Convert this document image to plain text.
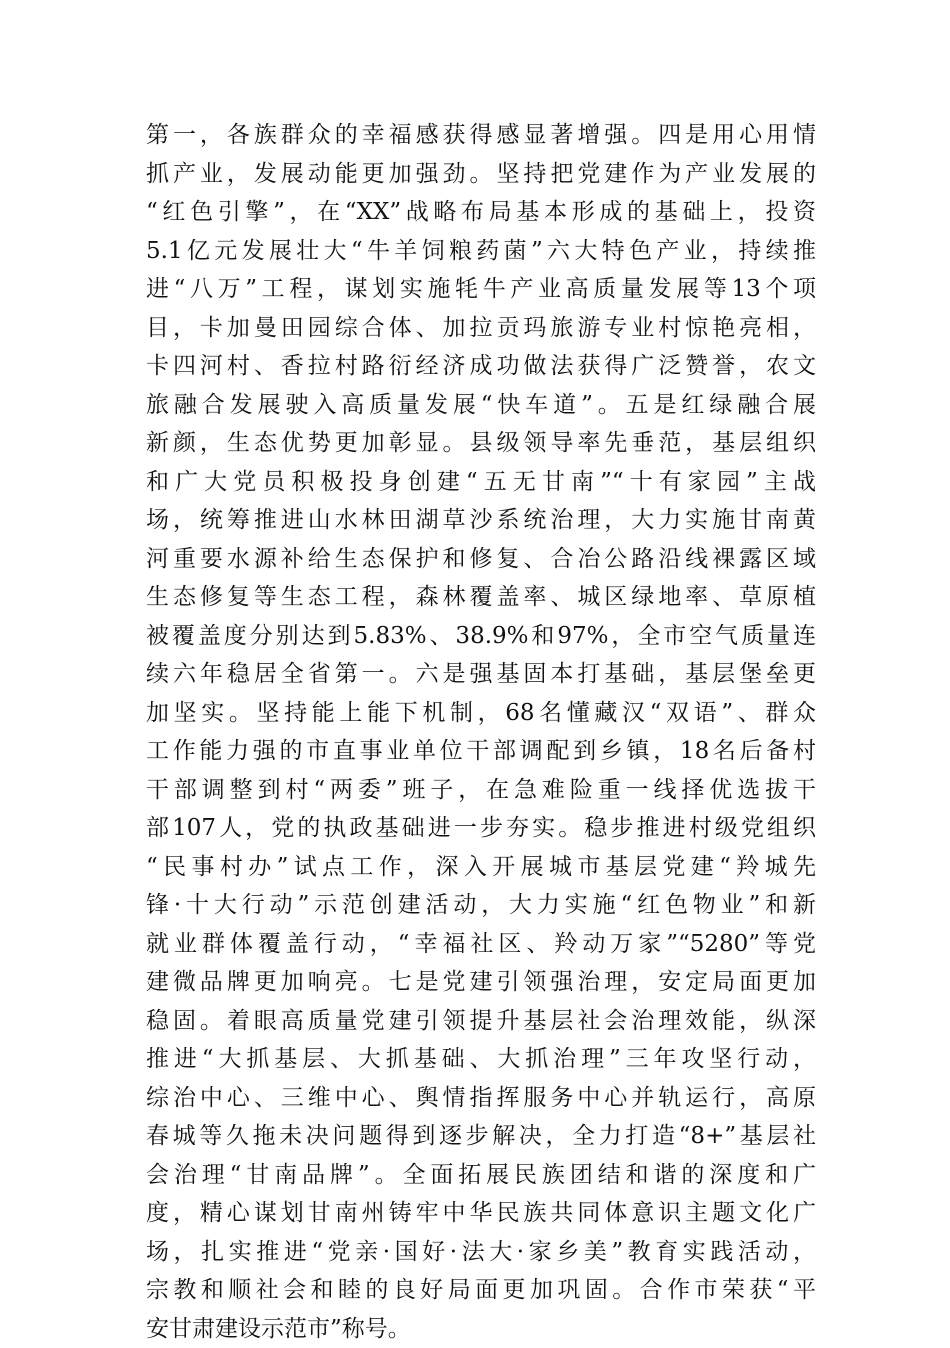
第一，各族群众的幸福感获得感显著增强。四是用心用情
抓产业，发展动能更加强劲。坚持把党建作为产业发展的
“红色引擎”，在“XX”战略布局基本形成的基础上，投资
5.1亿元发展壮大“牛羊饲粮药菌”六大特色产业，持续推
进“八万”工程，谋划实施牦牛产业高质量发展等13个项
目，卡加曼田园综合体、加拉贡玛旅游专业村惊艳亮相，
卡四河村、香拉村路衍经济成功做法获得广泛赞誉，农文
旅融合发展驶入高质量发展“快车道”。五是红绿融合展
新颜，生态优势更加彰显。县级领导率先垂范，基层组织
和广大党员积极投身创建“五无甘南”“十有家园”主战
场，统筹推进山水林田湖草沙系统治理，大力实施甘南黄
河重要水源补给生态保护和修复、合冶公路沿线裸露区域
生态修复等生态工程，森林覆盖率、城区绿地率、草原植
被覆盖度分别达到5.83%、38.9%和97%，全市空气质量连
续六年稳居全省第一。六是强基固本打基础，基层堡垒更
加坚实。坚持能上能下机制，68名懂藏汉“双语”、群众
工作能力强的市直事业单位干部调配到乡镇，18名后备村
干部调整到村“两委”班子，在急难险重一线择优选拔干
部107人，党的执政基础进一步夯实。稳步推进村级党组织
“民事村办”试点工作，深入开展城市基层党建“羚城先
锋·十大行动”示范创建活动，大力实施“红色物业”和新
就业群体覆盖行动，“幸福社区、羚动万家”“5280”等党
建微品牌更加响亮。七是党建引领强治理，安定局面更加
稳固。着眼高质量党建引领提升基层社会治理效能，纵深
推进“大抓基层、大抓基础、大抓治理”三年攻坚行动，
综治中心、三维中心、舆情指挥服务中心并轨运行，高原
春城等久拖未决问题得到逐步解决，全力打造“8+”基层社
会治理“甘南品牌”。全面拓展民族团结和谐的深度和广
度，精心谋划甘南州铸牢中华民族共同体意识主题文化广
场，扎实推进“党亲·国好·法大·家乡美”教育实践活动，
宗教和顺社会和睦的良好局面更加巩固。合作市荣获“平
安甘肃建设示范市”称号。
